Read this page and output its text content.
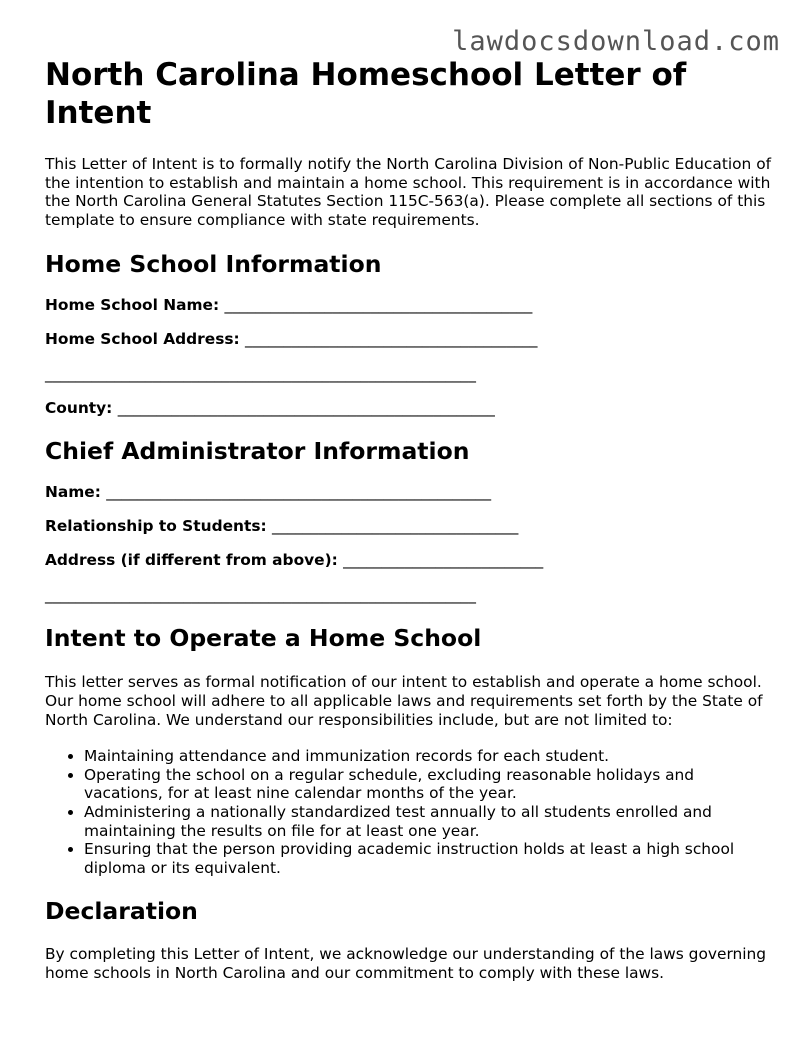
lawdocsdownload.com
North Carolina Homeschool Letter of Intent

This Letter of Intent is to formally notify the North Carolina Division of Non-Public Education of the intention to establish and maintain a home school. This requirement is in accordance with the North Carolina General Statutes Section 115C-563(a). Please complete all sections of this template to ensure compliance with state requirements.

Home School Information
Home School Name: ________________________________________
Home School Address: ______________________________________
________________________________________________________
County: _________________________________________________
Chief Administrator Information
Name: __________________________________________________
Relationship to Students: ________________________________
Address (if different from above): __________________________
________________________________________________________
Intent to Operate a Home School

This letter serves as formal notification of our intent to establish and operate a home school. Our home school will adhere to all applicable laws and requirements set forth by the State of North Carolina. We understand our responsibilities include, but are not limited to:

• Maintaining attendance and immunization records for each student.
• Operating the school on a regular schedule, excluding reasonable holidays and vacations, for at least nine calendar months of the year.
• Administering a nationally standardized test annually to all students enrolled and maintaining the results on file for at least one year.
• Ensuring that the person providing academic instruction holds at least a high school diploma or its equivalent.
Declaration

By completing this Letter of Intent, we acknowledge our understanding of the laws governing home schools in North Carolina and our commitment to comply with these laws.
